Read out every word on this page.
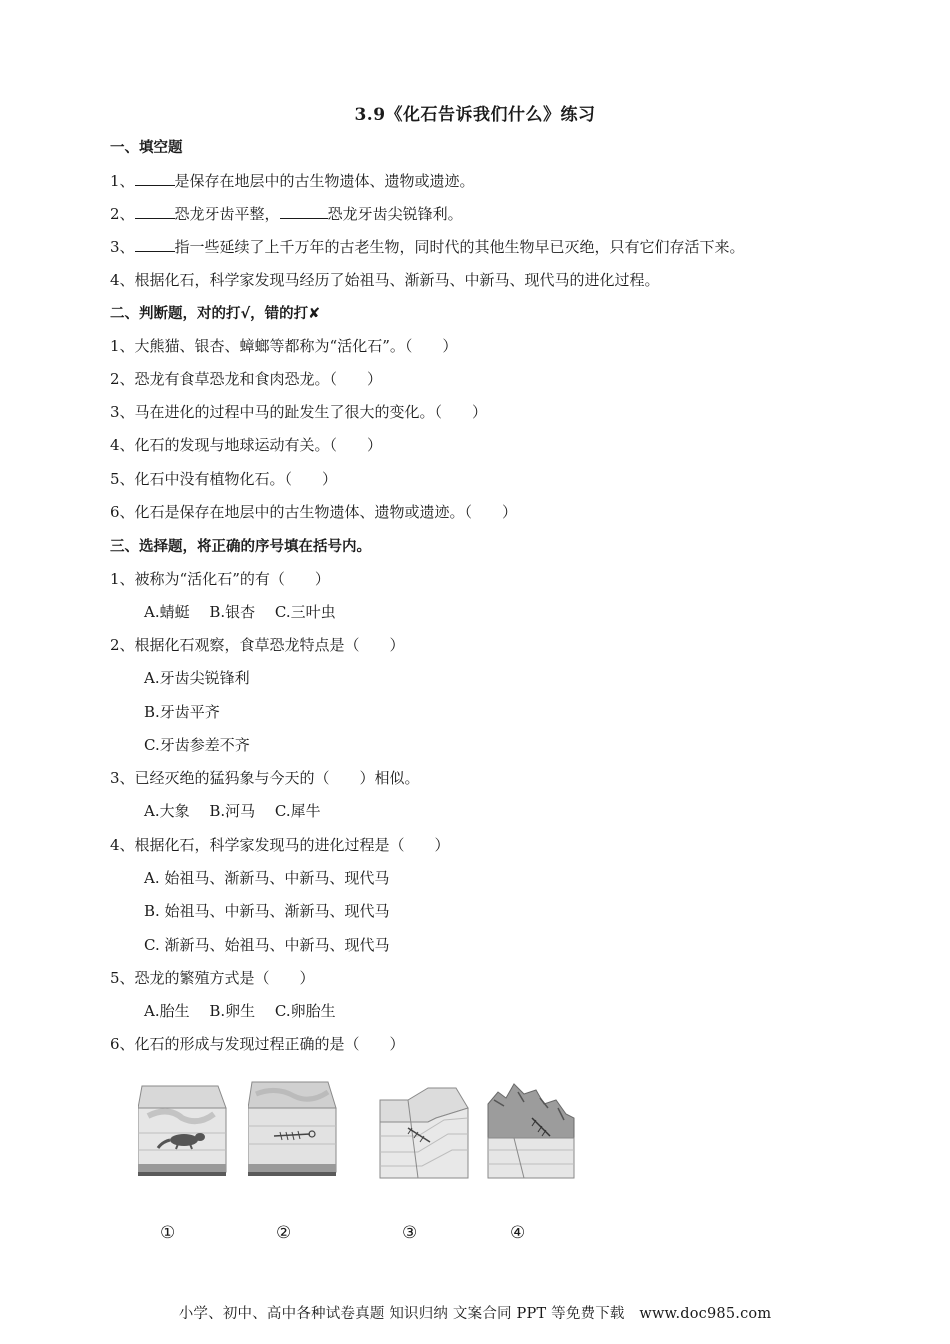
3.9《化石告诉我们什么》练习
一、填空题
1、	是保存在地层中的古生物遗体、遗物或遗迹。
2、	恐龙牙齿平整，	恐龙牙齿尖锐锋利。
3、	指一些延续了上千万年的古老生物，同时代的其他生物早已灭绝，只有它们存活下来。
4、根据化石，科学家发现马经历了始祖马、渐新马、中新马、现代马的进化过程。
二、判断题，对的打√，错的打✘
1、大熊猫、银杏、蟑螂等都称为“活化石”。（　　）
2、恐龙有食草恐龙和食肉恐龙。（　　）
3、马在进化的过程中马的趾发生了很大的变化。（　　）
4、化石的发现与地球运动有关。（　　）
5、化石中没有植物化石。（　　）
6、化石是保存在地层中的古生物遗体、遗物或遗迹。（　　）
三、选择题，将正确的序号填在括号内。
1、被称为“活化石”的有（　　）
A.蜻蜓　 B.银杏　 C.三叶虫
2、根据化石观察，食草恐龙特点是（　　）
A.牙齿尖锐锋利
B.牙齿平齐
C.牙齿参差不齐
3、已经灭绝的猛犸象与今天的（　　）相似。
A.大象　 B.河马　 C.犀牛
4、根据化石，科学家发现马的进化过程是（　　）
A. 始祖马、渐新马、中新马、现代马
B. 始祖马、中新马、渐新马、现代马
C. 渐新马、始祖马、中新马、现代马
5、恐龙的繁殖方式是（　　）
A.胎生　 B.卵生　 C.卵胎生
6、化石的形成与发现过程正确的是（　　）
①	②	③	④
小学、初中、高中各种试卷真题 知识归纳 文案合同 PPT 等免费下载　www.doc985.com
